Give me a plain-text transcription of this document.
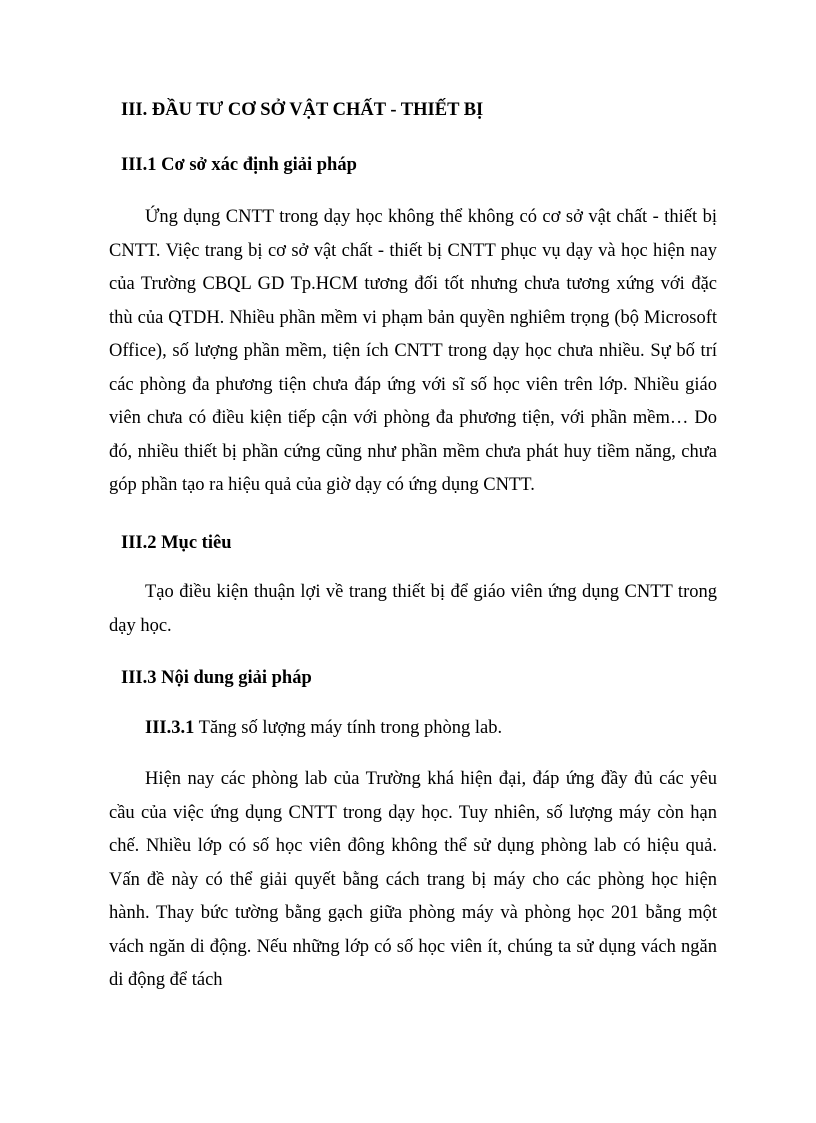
III. ĐẦU TƯ CƠ SỞ VẬT CHẤT - THIẾT BỊ
III.1 Cơ sở xác định giải pháp

Ứng dụng CNTT trong dạy học không thể không có cơ sở vật chất - thiết bị CNTT. Việc trang bị cơ sở vật chất - thiết bị CNTT phục vụ dạy và học hiện nay của Trường CBQL GD Tp.HCM tương đối tốt nhưng chưa tương xứng với đặc thù của QTDH. Nhiều phần mềm vi phạm bản quyền nghiêm trọng (bộ Microsoft Office), số lượng phần mềm, tiện ích CNTT trong dạy học chưa nhiều. Sự bố trí các phòng đa phương tiện chưa đáp ứng với sĩ số học viên trên lớp. Nhiều giáo viên chưa có điều kiện tiếp cận với phòng đa phương tiện, với phần mềm… Do đó, nhiều thiết bị phần cứng cũng như phần mềm chưa phát huy tiềm năng, chưa góp phần tạo ra hiệu quả của giờ dạy có ứng dụng CNTT.

III.2 Mục tiêu

Tạo điều kiện thuận lợi về trang thiết bị để giáo viên ứng dụng CNTT trong dạy học.

III.3 Nội dung giải pháp

III.3.1 Tăng số lượng máy tính trong phòng lab.

Hiện nay các phòng lab của Trường khá hiện đại, đáp ứng đầy đủ các yêu cầu của việc ứng dụng CNTT trong dạy học. Tuy nhiên, số lượng máy còn hạn chế. Nhiều lớp có số học viên đông không thể sử dụng phòng lab có hiệu quả. Vấn đề này có thể giải quyết bằng cách trang bị máy cho các phòng học hiện hành. Thay bức tường bằng gạch giữa phòng máy và phòng học 201 bằng một vách ngăn di động. Nếu những lớp có số học viên ít, chúng ta sử dụng vách ngăn di động để tách
